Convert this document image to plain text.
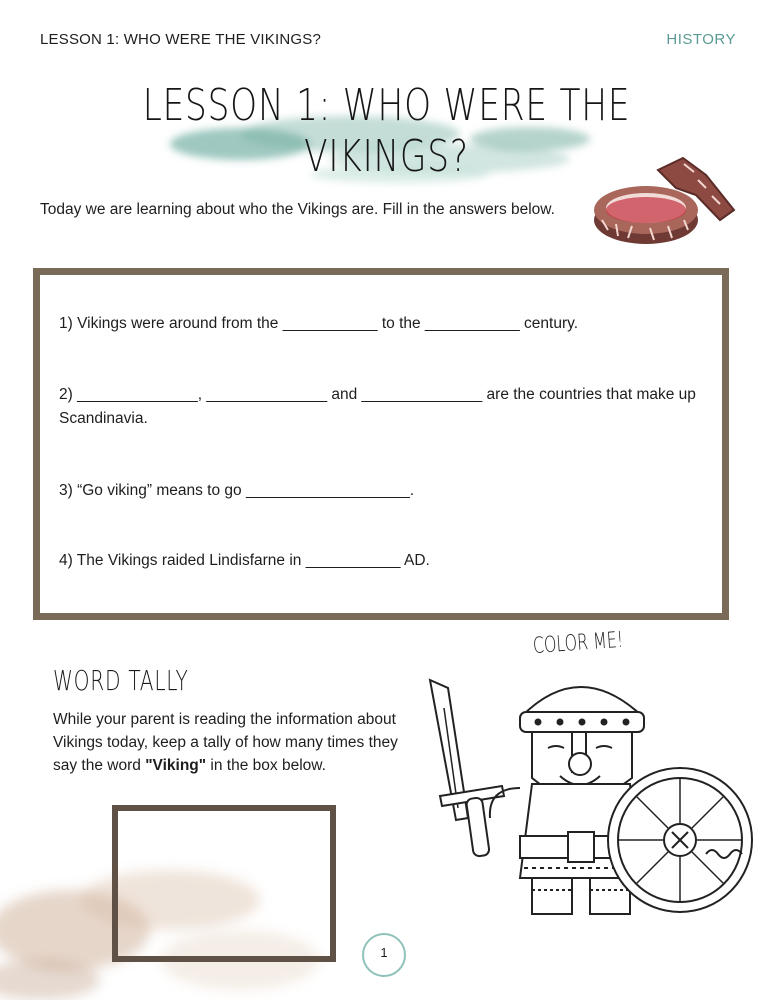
LESSON 1: WHO WERE THE VIKINGS?	HISTORY
LESSON 1: WHO WERE THE VIKINGS?
Today we are learning about who the Vikings are. Fill in the answers below.
1) Vikings were around from the ___________ to the ___________ century.
2) ______________, ______________ and ______________ are the countries that make up Scandinavia.
3) “Go viking” means to go ___________________.
4) The Vikings raided Lindisfarne in ___________ AD.
WORD TALLY
While your parent is reading the information about Vikings today, keep a tally of how many times they say the word "Viking" in the box below.
COLOR ME!
1
